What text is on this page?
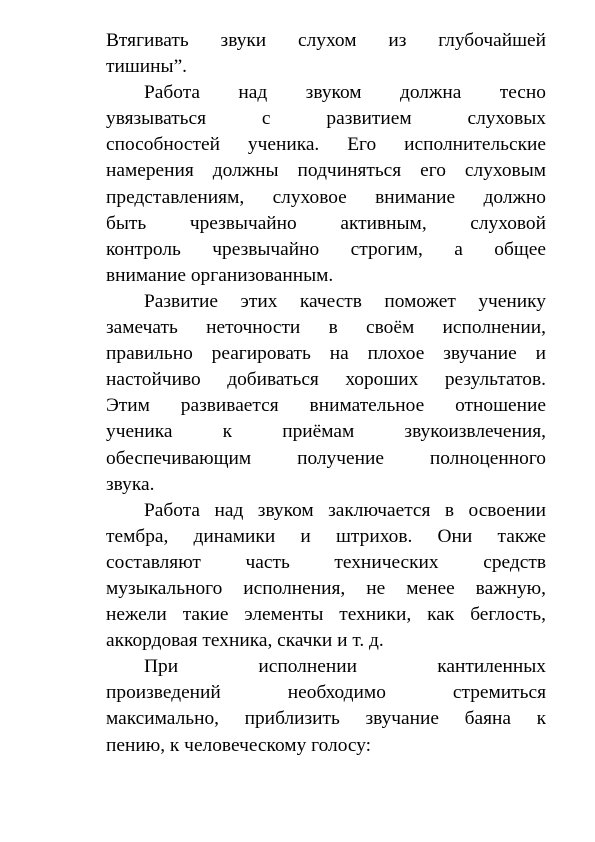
Втягивать звуки слухом из глубочайшей
тишины”.

Работа над звуком должна тесно
увязываться с развитием слуховых
способностей ученика. Его исполнительские
намерения должны подчиняться его слуховым
представлениям, слуховое внимание должно
быть чрезвычайно активным, слуховой
контроль чрезвычайно строгим, а общее
внимание организованным.

Развитие этих качеств поможет ученику
замечать неточности в своём исполнении,
правильно реагировать на плохое звучание и
настойчиво добиваться хороших результатов.
Этим развивается внимательное отношение
ученика к приёмам звукоизвлечения,
обеспечивающим получение полноценного
звука.

Работа над звуком заключается в освоении
тембра, динамики и штрихов. Они также
составляют часть технических средств
музыкального исполнения, не менее важную,
нежели такие элементы техники, как беглость,
аккордовая техника, скачки и т. д.

При исполнении кантиленных
произведений необходимо стремиться
максимально, приблизить звучание баяна к
пению, к человеческому голосу:
